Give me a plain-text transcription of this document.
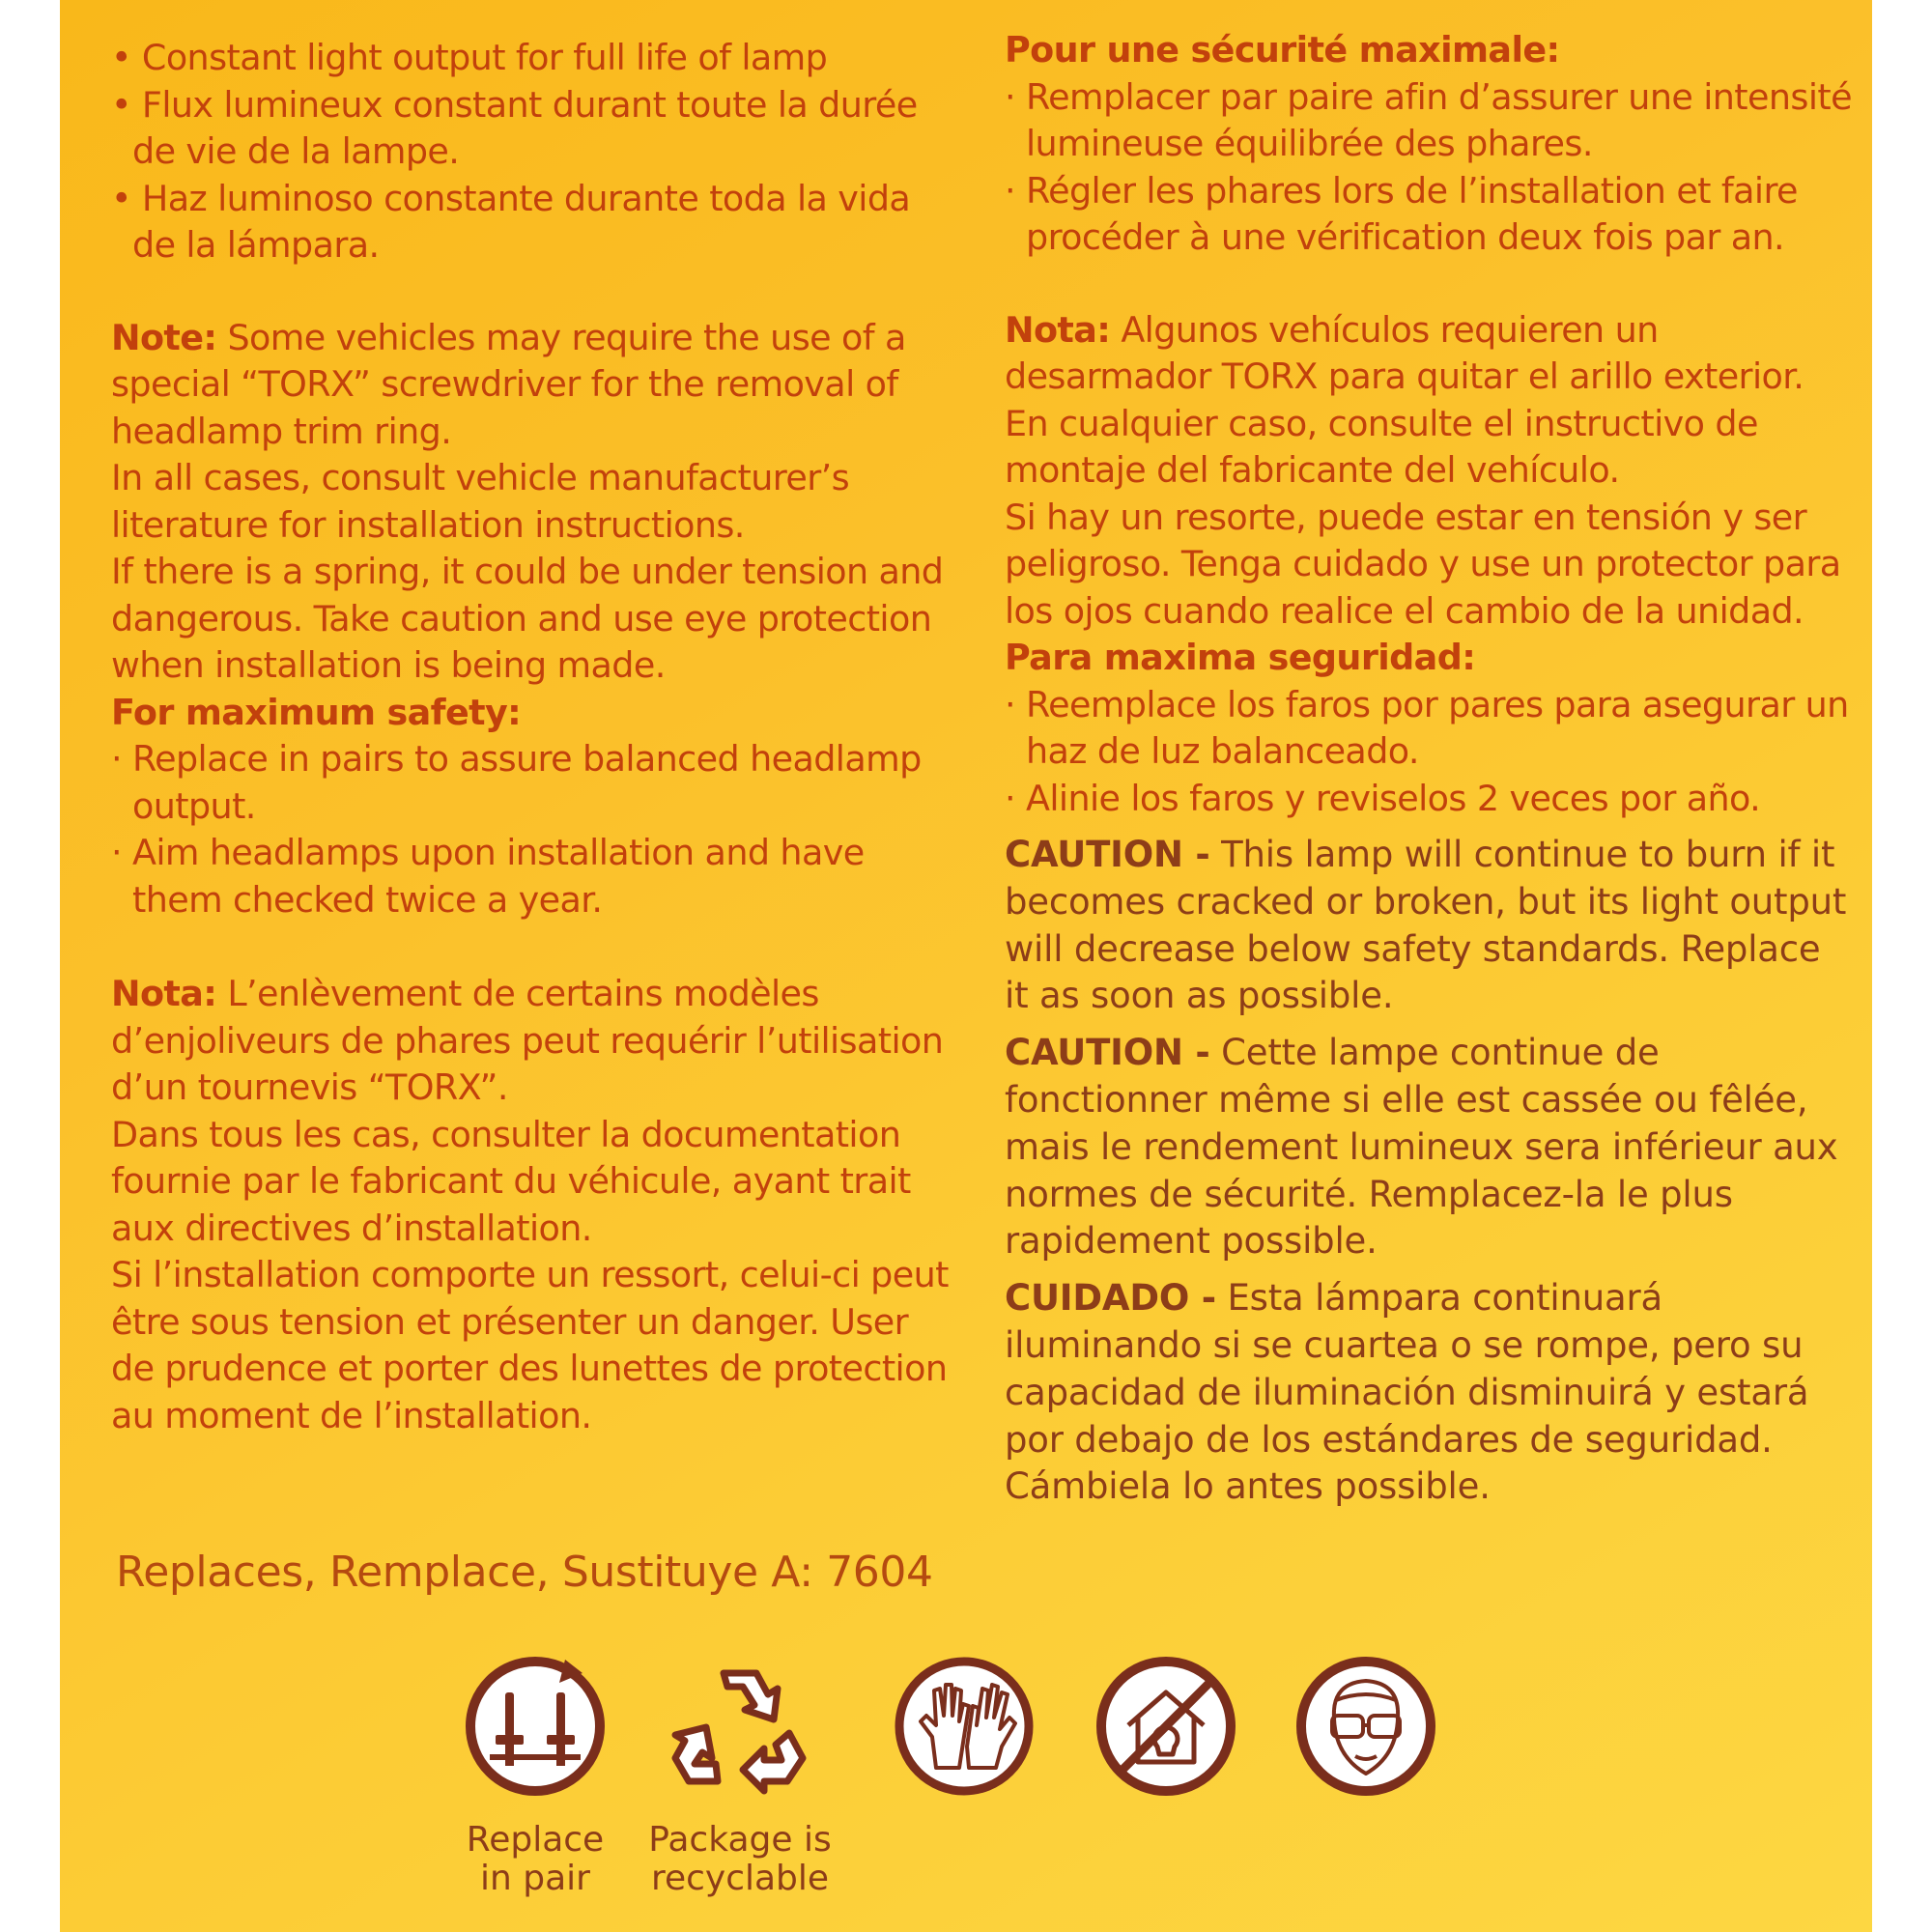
• Constant light output for full life of lamp

• Flux lumineux constant durant toute la durée de vie de la lampe.

• Haz luminoso constante durante toda la vida de la lámpara.

Note: Some vehicles may require the use of a special “TORX” screwdriver for the removal of headlamp trim ring.

In all cases, consult vehicle manufacturer’s literature for installation instructions.

If there is a spring, it could be under tension and dangerous. Take caution and use eye protection when installation is being made.

For maximum safety:

· Replace in pairs to assure balanced headlamp output.

· Aim headlamps upon installation and have them checked twice a year.

Nota: L’enlèvement de certains modèles d’enjoliveurs de phares peut requérir l’utilisation d’un tournevis “TORX”.

Dans tous les cas, consulter la documentation fournie par le fabricant du véhicule, ayant trait aux directives d’installation.

Si l’installation comporte un ressort, celui-ci peut être sous tension et présenter un danger. User de prudence et porter des lunettes de protection au moment de l’installation.

Pour une sécurité maximale:

· Remplacer par paire afin d’assurer une intensité lumineuse équilibrée des phares.

· Régler les phares lors de l’installation et faire procéder à une vérification deux fois par an.

Nota: Algunos vehículos requieren un desarmador TORX para quitar el arillo exterior.

En cualquier caso, consulte el instructivo de montaje del fabricante del vehículo.

Si hay un resorte, puede estar en tensión y ser peligroso. Tenga cuidado y use un protector para los ojos cuando realice el cambio de la unidad.

Para maxima seguridad:

· Reemplace los faros por pares para asegurar un haz de luz balanceado.

· Alinie los faros y reviselos 2 veces por año.

CAUTION - This lamp will continue to burn if it becomes cracked or broken, but its light output will decrease below safety standards. Replace it as soon as possible.

CAUTION - Cette lampe continue de fonctionner même si elle est cassée ou fêlée, mais le rendement lumineux sera inférieur aux normes de sécurité. Remplacez-la le plus rapidement possible.

CUIDADO - Esta lámpara continuará iluminando si se cuartea o se rompe, pero su capacidad de iluminación disminuirá y estará por debajo de los estándares de seguridad. Cámbiela lo antes possible.

Replaces, Remplace, Sustituye A: 7604
Replace
in pair
Package is
recyclable
